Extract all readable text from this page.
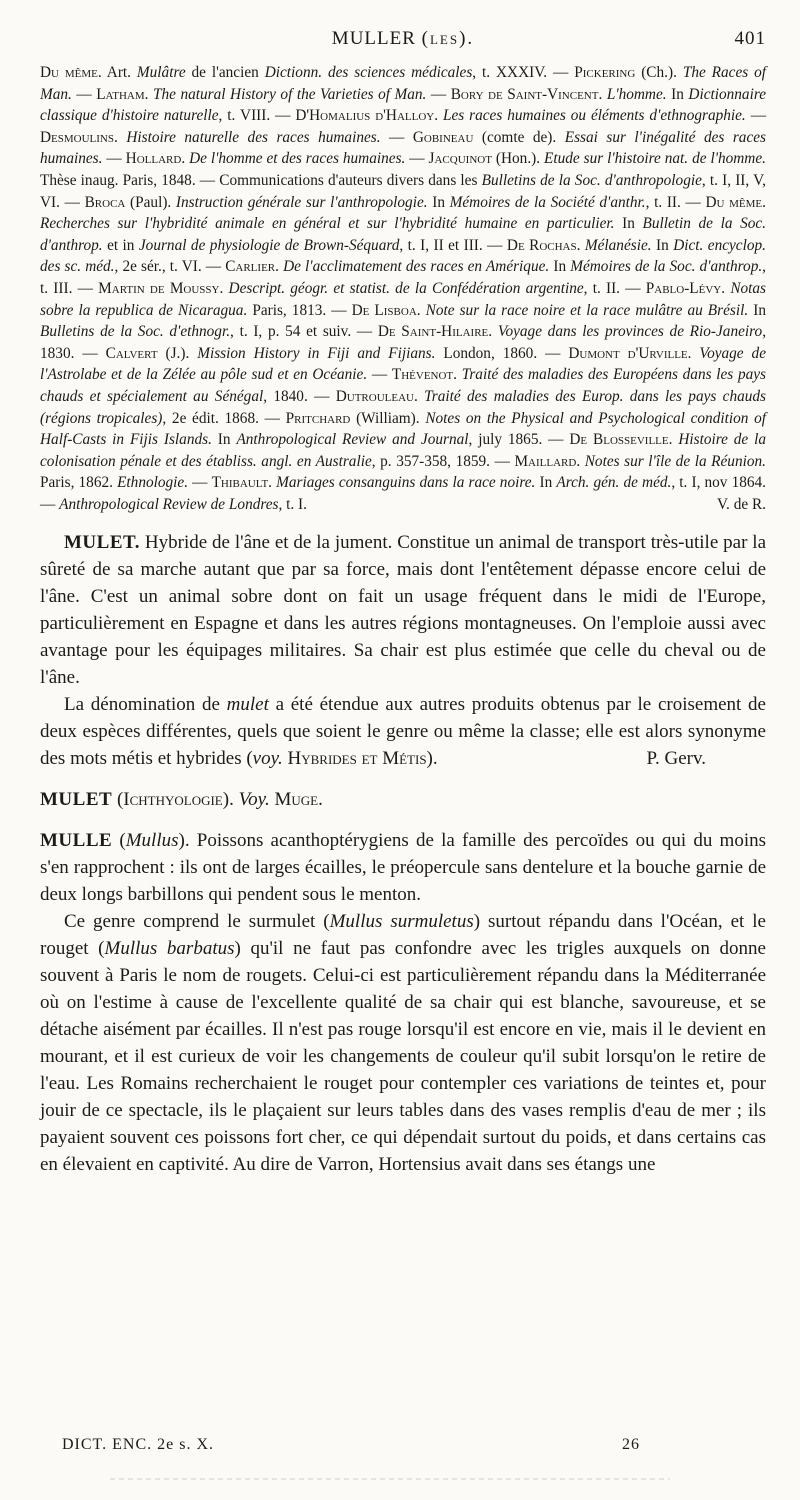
MULLER (les).	401
Du même. Art. Mulâtre de l'ancien Dictionn. des sciences médicales, t. XXXIV. — Pickering (Ch.). The Races of Man. — Latham. The natural History of the Varieties of Man. — Bory de Saint-Vincent. L'homme. In Dictionnaire classique d'histoire naturelle, t. VIII. — D'Homalius d'Halloy. Les races humaines ou éléments d'ethnographie. — Desmoulins. Histoire naturelle des races humaines. — Gobineau (comte de). Essai sur l'inégalité des races humaines. — Hollard. De l'homme et des races humaines. — Jacquinot (Hon.). Etude sur l'histoire nat. de l'homme. Thèse inaug. Paris, 1848. — Communications d'auteurs divers dans les Bulletins de la Soc. d'anthropologie, t. I, II, V, VI. — Broca (Paul). Instruction générale sur l'anthropologie. In Mémoires de la Société d'anthr., t. II. — Du même. Recherches sur l'hybridité animale en général et sur l'hybridité humaine en particulier. In Bulletin de la Soc. d'anthrop. et in Journal de physiologie de Brown-Séquard, t. I, II et III. — De Rochas. Mélanésie. In Dict. encyclop. des sc. méd., 2e sér., t. VI. — Carlier. De l'acclimatement des races en Amérique. In Mémoires de la Soc. d'anthrop., t. III. — Martin de Moussy. Descript. géogr. et statist. de la Confédération argentine, t. II. — Pablo-Lévy. Notas sobre la republica de Nicaragua. Paris, 1813. — De Lisboa. Note sur la race noire et la race mulâtre au Brésil. In Bulletins de la Soc. d'ethnogr., t. I, p. 54 et suiv. — De Saint-Hilaire. Voyage dans les provinces de Rio-Janeiro, 1830. — Calvert (J.). Mission History in Fiji and Fijians. London, 1860. — Dumont d'Urville. Voyage de l'Astrolabe et de la Zélée au pôle sud et en Océanie. — Thévenot. Traité des maladies des Européens dans les pays chauds et spécialement au Sénégal, 1840. — Dutrouleau. Traité des maladies des Europ. dans les pays chauds (régions tropicales), 2e édit. 1868. — Pritchard (William). Notes on the Physical and Psychological condition of Half-Casts in Fijis Islands. In Anthropological Review and Journal, july 1865. — De Blosseville. Histoire de la colonisation pénale et des établiss. angl. en Australie, p. 357-358, 1859. — Maillard. Notes sur l'île de la Réunion. Paris, 1862. Ethnologie. — Thibault. Mariages consanguins dans la race noire. In Arch. gén. de méd., t. I, nov 1864. — Anthropological Review de Londres, t. I.	V. de R.

MULET. Hybride de l'âne et de la jument. Constitue un animal de transport très-utile par la sûreté de sa marche autant que par sa force, mais dont l'entêtement dépasse encore celui de l'âne. C'est un animal sobre dont on fait un usage fréquent dans le midi de l'Europe, particulièrement en Espagne et dans les autres régions montagneuses. On l'emploie aussi avec avantage pour les équipages militaires. Sa chair est plus estimée que celle du cheval ou de l'âne.

La dénomination de mulet a été étendue aux autres produits obtenus par le croisement de deux espèces différentes, quels que soient le genre ou même la classe; elle est alors synonyme des mots métis et hybrides (voy. Hybrides et Métis).	P. Gerv.

MULET (Ichthyologie). Voy. Muge.

MULLE (Mullus). Poissons acanthoptérygiens de la famille des percoïdes ou qui du moins s'en rapprochent : ils ont de larges écailles, le préopercule sans dentelure et la bouche garnie de deux longs barbillons qui pendent sous le menton.

Ce genre comprend le surmulet (Mullus surmuletus) surtout répandu dans l'Océan, et le rouget (Mullus barbatus) qu'il ne faut pas confondre avec les trigles auxquels on donne souvent à Paris le nom de rougets. Celui-ci est particulièrement répandu dans la Méditerranée où on l'estime à cause de l'excellente qualité de sa chair qui est blanche, savoureuse, et se détache aisément par écailles. Il n'est pas rouge lorsqu'il est encore en vie, mais il le devient en mourant, et il est curieux de voir les changements de couleur qu'il subit lorsqu'on le retire de l'eau. Les Romains recherchaient le rouget pour contempler ces variations de teintes et, pour jouir de ce spectacle, ils le plaçaient sur leurs tables dans des vases remplis d'eau de mer ; ils payaient souvent ces poissons fort cher, ce qui dépendait surtout du poids, et dans certains cas en élevaient en captivité. Au dire de Varron, Hortensius avait dans ses étangs une

DICT. ENC. 2e s. X.	26
